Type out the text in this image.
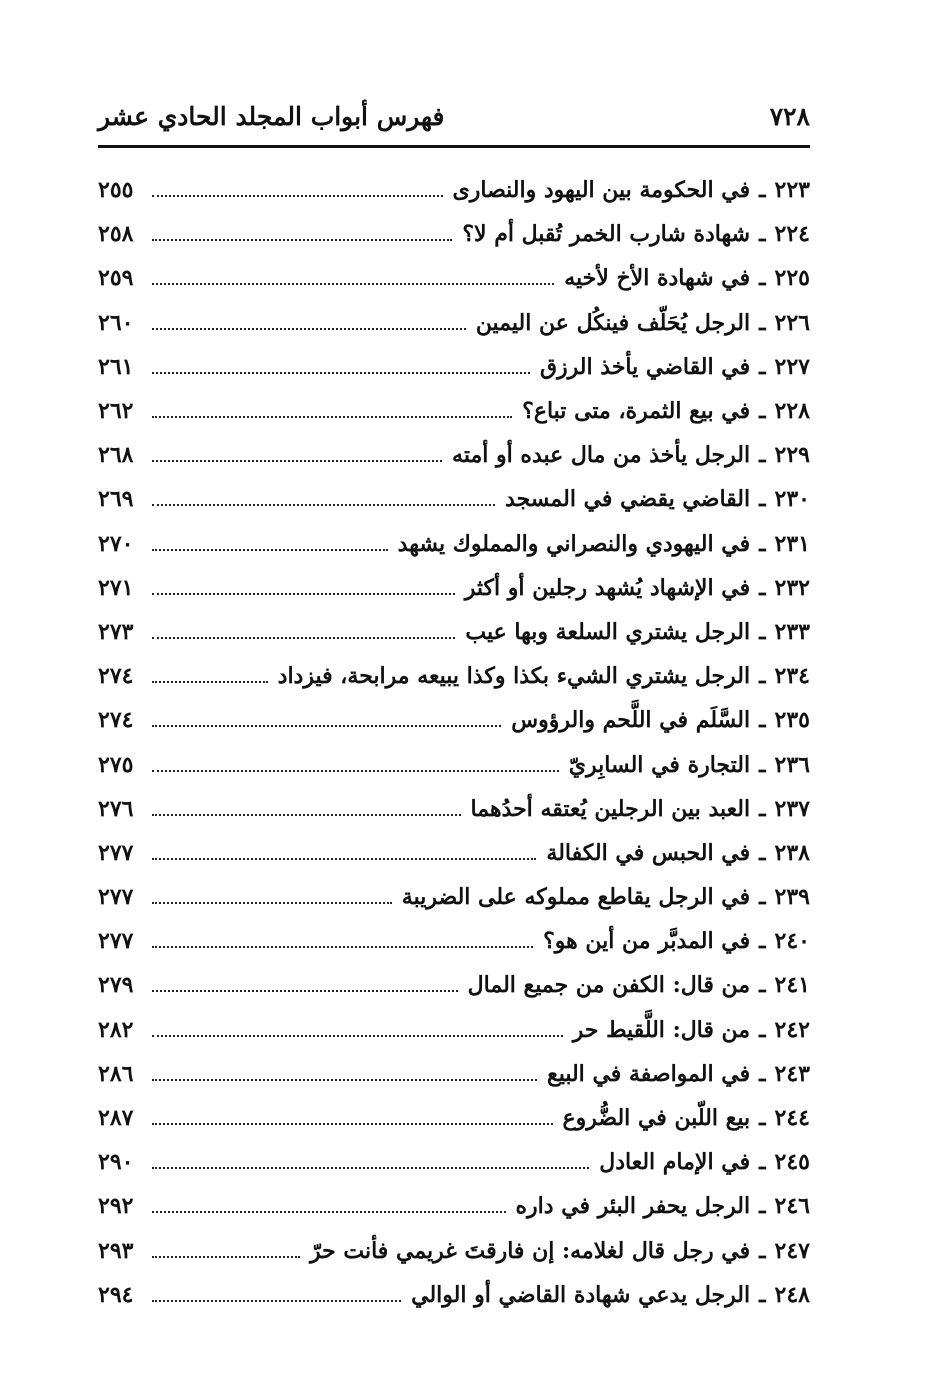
٧٢٨
فهرس أبواب المجلد الحادي عشر
٢٢٣
ـ
في الحكومة بين اليهود والنصارى
٢٥٥
٢٢٤
ـ
شهادة شارب الخمر تُقبل أم لا؟
٢٥٨
٢٢٥
ـ
في شهادة الأخ لأخيه
٢٥٩
٢٢٦
ـ
الرجل يُحَلّف فينكُل عن اليمين
٢٦٠
٢٢٧
ـ
في القاضي يأخذ الرزق
٢٦١
٢٢٨
ـ
في بيع الثمرة، متى تباع؟
٢٦٢
٢٢٩
ـ
الرجل يأخذ من مال عبده أو أمته
٢٦٨
٢٣٠
ـ
القاضي يقضي في المسجد
٢٦٩
٢٣١
ـ
في اليهودي والنصراني والمملوك يشهد
٢٧٠
٢٣٢
ـ
في الإشهاد يُشهد رجلين أو أكثر
٢٧١
٢٣٣
ـ
الرجل يشتري السلعة وبها عيب
٢٧٣
٢٣٤
ـ
الرجل يشتري الشيء بكذا وكذا يبيعه مرابحة، فيزداد
٢٧٤
٢٣٥
ـ
السَّلَم في اللَّحم والرؤوس
٢٧٤
٢٣٦
ـ
التجارة في السابِريّ
٢٧٥
٢٣٧
ـ
العبد بين الرجلين يُعتقه أحدُهما
٢٧٦
٢٣٨
ـ
في الحبس في الكفالة
٢٧٧
٢٣٩
ـ
في الرجل يقاطع مملوكه على الضريبة
٢٧٧
٢٤٠
ـ
في المدبَّر من أين هو؟
٢٧٧
٢٤١
ـ
من قال: الكفن من جميع المال
٢٧٩
٢٤٢
ـ
من قال: اللَّقيط حر
٢٨٢
٢٤٣
ـ
في المواصفة في البيع
٢٨٦
٢٤٤
ـ
بيع اللّبن في الضُّروع
٢٨٧
٢٤٥
ـ
في الإمام العادل
٢٩٠
٢٤٦
ـ
الرجل يحفر البئر في داره
٢٩٢
٢٤٧
ـ
في رجل قال لغلامه: إن فارقتَ غريمي فأنت حرّ
٢٩٣
٢٤٨
ـ
الرجل يدعي شهادة القاضي أو الوالي
٢٩٤
